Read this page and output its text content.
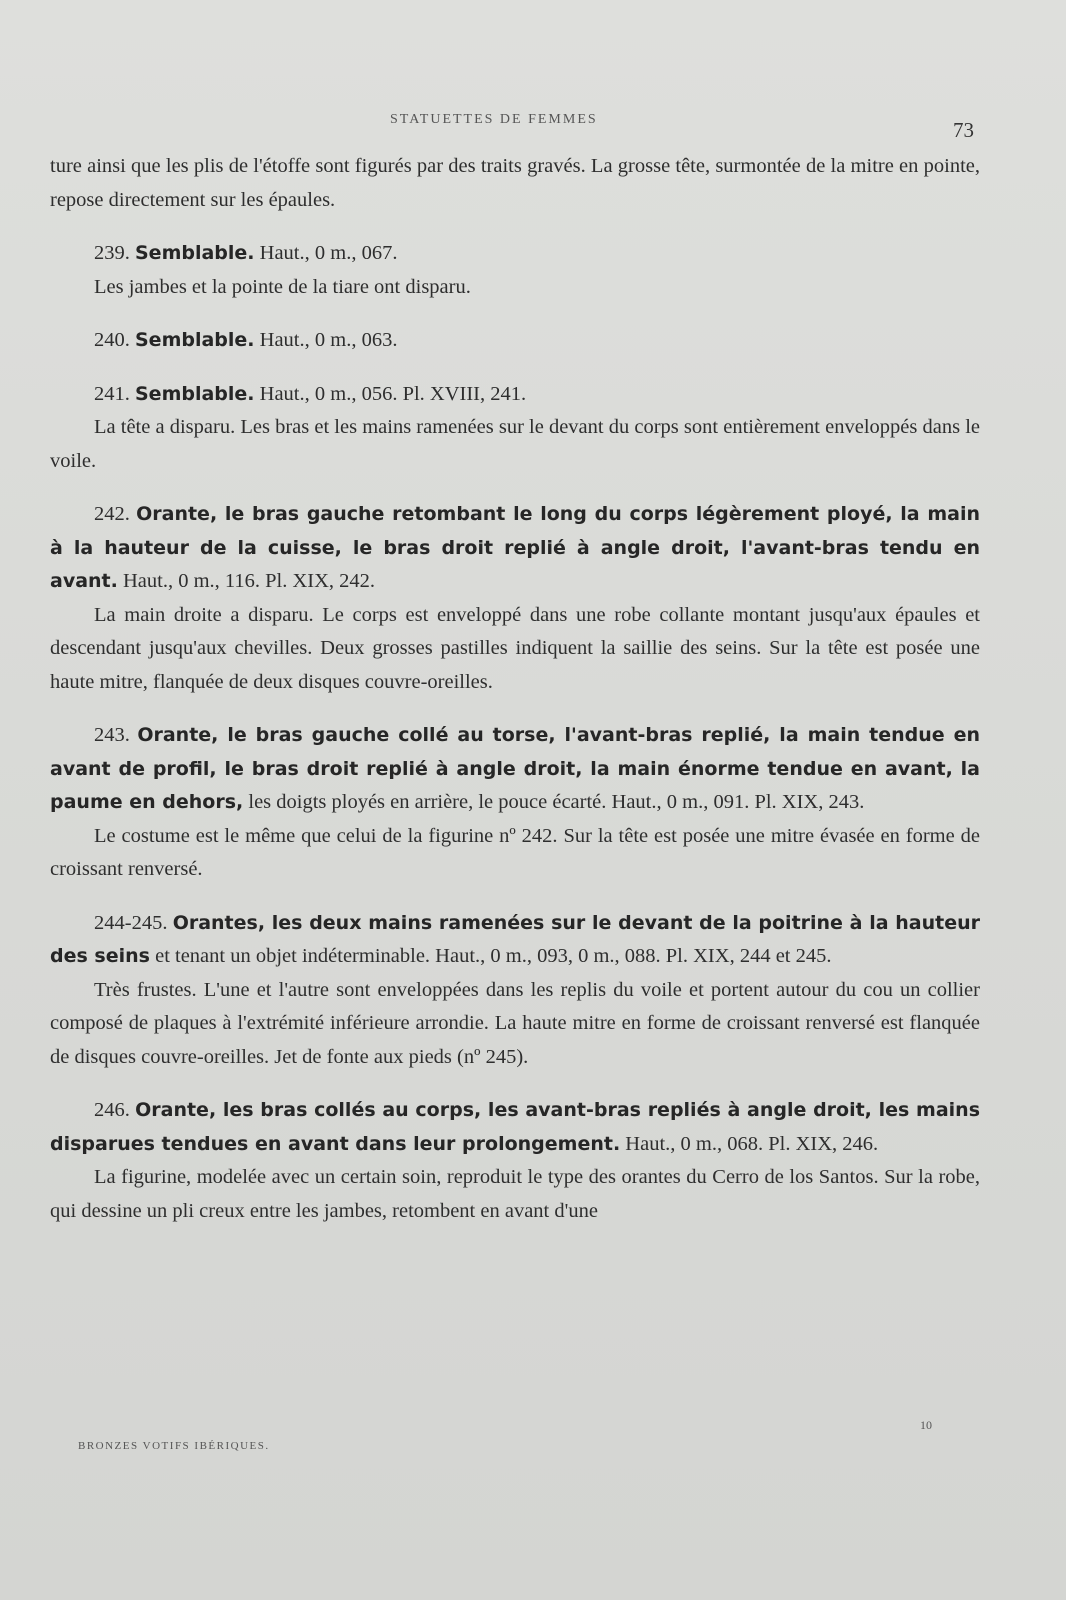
STATUETTES DE FEMMES	73

ture ainsi que les plis de l'étoffe sont figurés par des traits gravés. La grosse tête, surmontée de la mitre en pointe, repose directement sur les épaules.

239. Semblable. Haut., 0 m., 067.

Les jambes et la pointe de la tiare ont disparu.

240. Semblable. Haut., 0 m., 063.

241. Semblable. Haut., 0 m., 056. Pl. XVIII, 241.

La tête a disparu. Les bras et les mains ramenées sur le devant du corps sont entièrement enveloppés dans le voile.

242. Orante, le bras gauche retombant le long du corps légèrement ployé, la main à la hauteur de la cuisse, le bras droit replié à angle droit, l'avant-bras tendu en avant. Haut., 0 m., 116. Pl. XIX, 242.

La main droite a disparu. Le corps est enveloppé dans une robe collante montant jusqu'aux épaules et descendant jusqu'aux chevilles. Deux grosses pastilles indiquent la saillie des seins. Sur la tête est posée une haute mitre, flanquée de deux disques couvre-oreilles.

243. Orante, le bras gauche collé au torse, l'avant-bras replié, la main tendue en avant de profil, le bras droit replié à angle droit, la main énorme tendue en avant, la paume en dehors, les doigts ployés en arrière, le pouce écarté. Haut., 0 m., 091. Pl. XIX, 243.

Le costume est le même que celui de la figurine nº 242. Sur la tête est posée une mitre évasée en forme de croissant renversé.

244-245. Orantes, les deux mains ramenées sur le devant de la poitrine à la hauteur des seins et tenant un objet indéterminable. Haut., 0 m., 093, 0 m., 088. Pl. XIX, 244 et 245.

Très frustes. L'une et l'autre sont enveloppées dans les replis du voile et portent autour du cou un collier composé de plaques à l'extrémité inférieure arrondie. La haute mitre en forme de croissant renversé est flanquée de disques couvre-oreilles. Jet de fonte aux pieds (nº 245).

246. Orante, les bras collés au corps, les avant-bras repliés à angle droit, les mains disparues tendues en avant dans leur prolongement. Haut., 0 m., 068. Pl. XIX, 246.

La figurine, modelée avec un certain soin, reproduit le type des orantes du Cerro de los Santos. Sur la robe, qui dessine un pli creux entre les jambes, retombent en avant d'une

BRONZES VOTIFS IBÉRIQUES.
10
